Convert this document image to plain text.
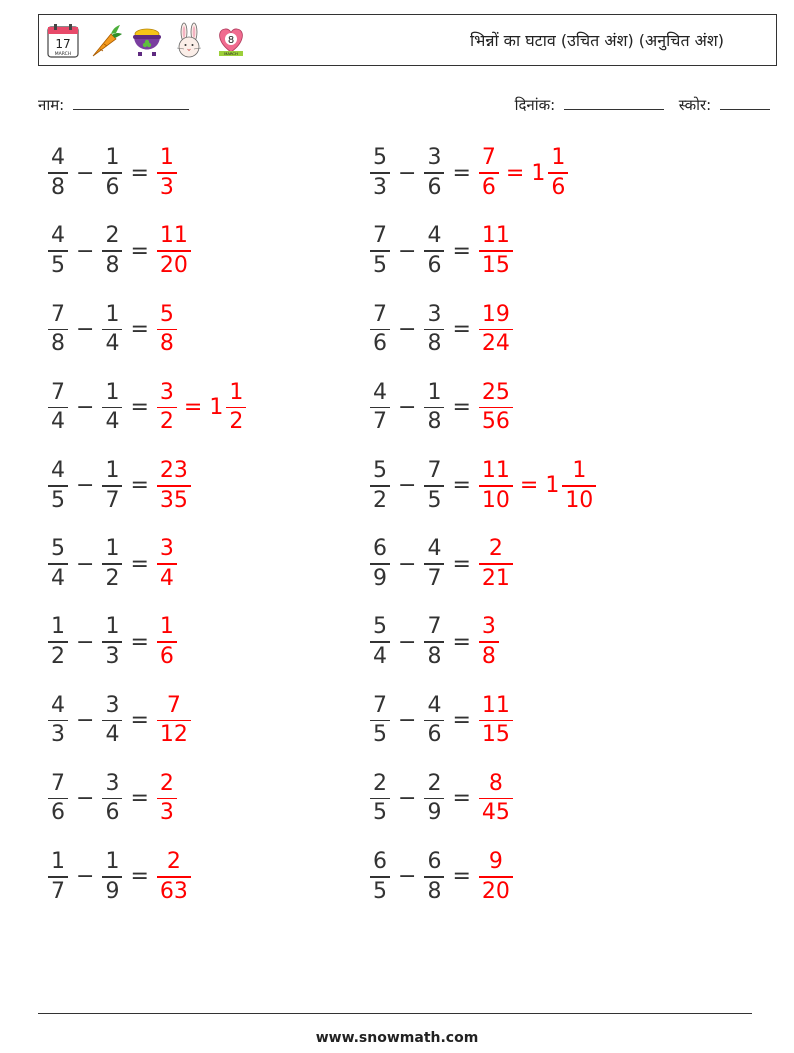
17
MARCH
8
MARCH
भिन्नों का घटाव (उचित अंश) (अनुचित अंश)
नाम:	दिनांक:	स्कोर:
$\frac{4}{8} - \frac{1}{6} = \frac{1}{3}$	$\frac{5}{3} - \frac{3}{6} = \frac{7}{6} = 1 \frac{1}{6}$
$\frac{4}{5} - \frac{2}{8} = \frac{11}{20}$	$\frac{7}{5} - \frac{4}{6} = \frac{11}{15}$
$\frac{7}{8} - \frac{1}{4} = \frac{5}{8}$	$\frac{7}{6} - \frac{3}{8} = \frac{19}{24}$
$\frac{7}{4} - \frac{1}{4} = \frac{3}{2} = 1 \frac{1}{2}$	$\frac{4}{7} - \frac{1}{8} = \frac{25}{56}$
$\frac{4}{5} - \frac{1}{7} = \frac{23}{35}$	$\frac{5}{2} - \frac{7}{5} = \frac{11}{10} = 1 \frac{1}{10}$
$\frac{5}{4} - \frac{1}{2} = \frac{3}{4}$	$\frac{6}{9} - \frac{4}{7} = \frac{2}{21}$
$\frac{1}{2} - \frac{1}{3} = \frac{1}{6}$	$\frac{5}{4} - \frac{7}{8} = \frac{3}{8}$
$\frac{4}{3} - \frac{3}{4} = \frac{7}{12}$	$\frac{7}{5} - \frac{4}{6} = \frac{11}{15}$
$\frac{7}{6} - \frac{3}{6} = \frac{2}{3}$	$\frac{2}{5} - \frac{2}{9} = \frac{8}{45}$
$\frac{1}{7} - \frac{1}{9} = \frac{2}{63}$	$\frac{6}{5} - \frac{6}{8} = \frac{9}{20}$
www.snowmath.com
